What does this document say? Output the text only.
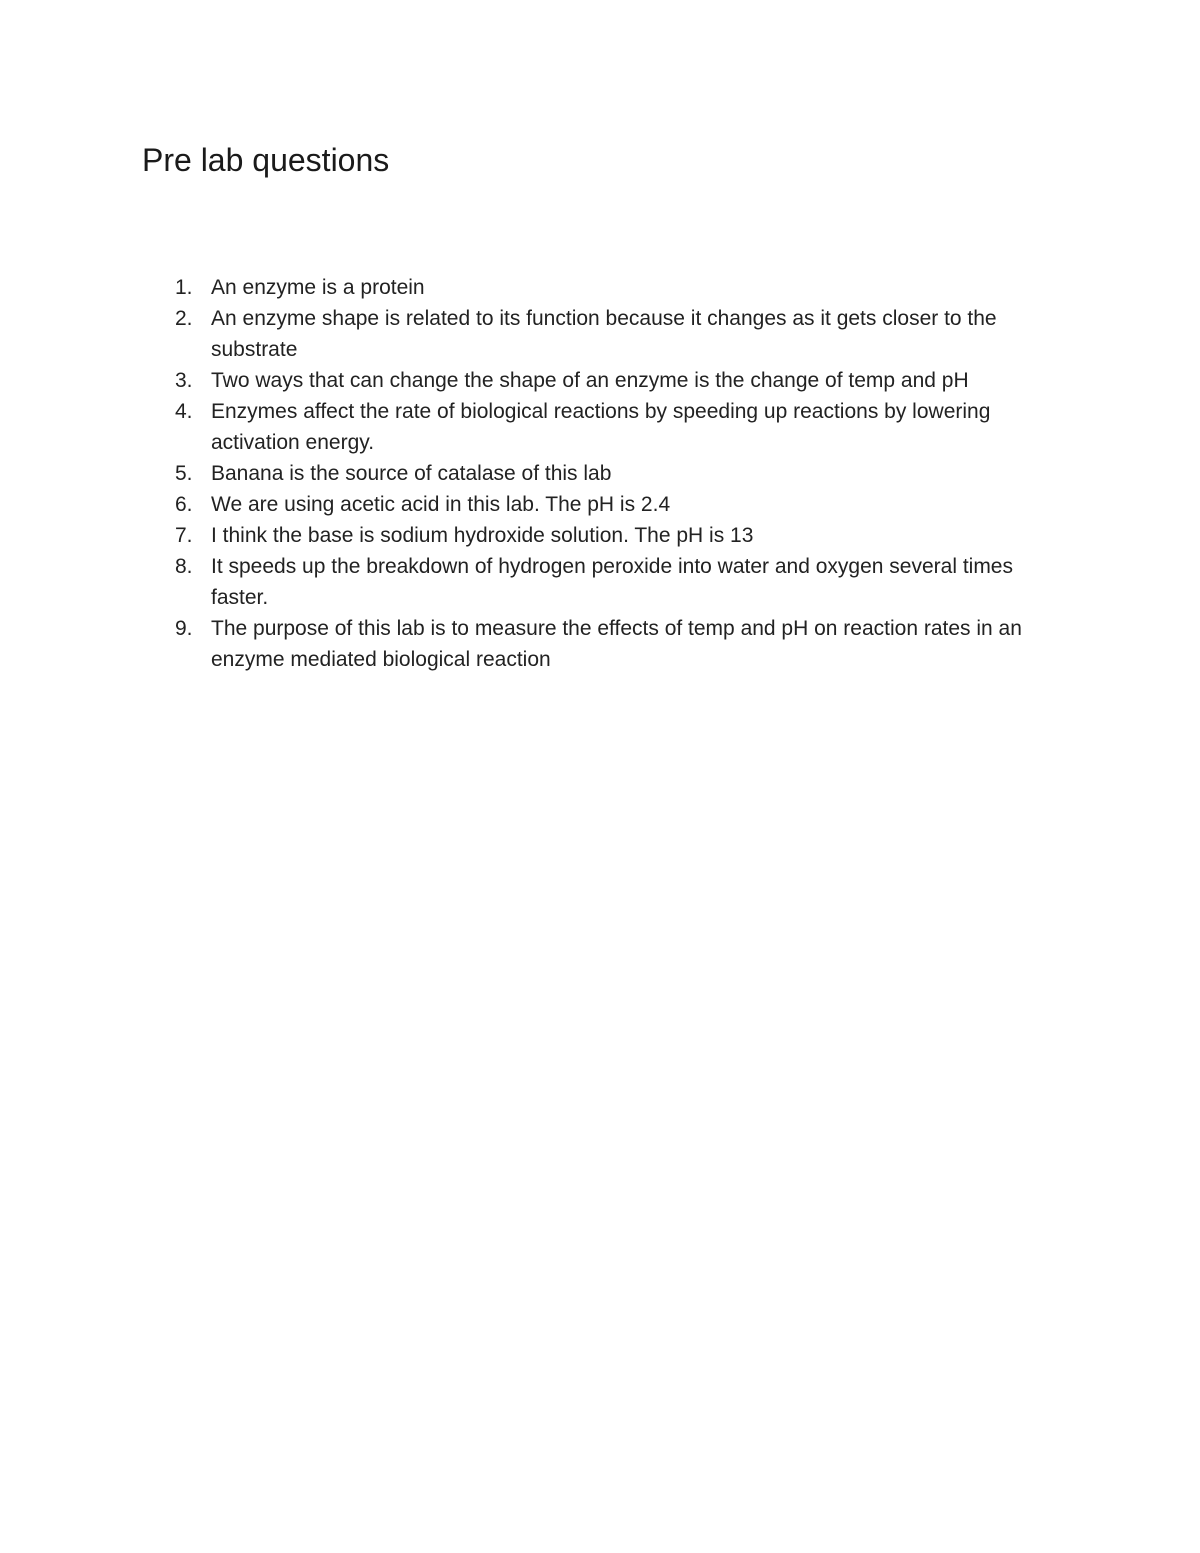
Pre lab questions
1. An enzyme is a protein
2. An enzyme shape is related to its function because it changes as it gets closer to the substrate
3. Two ways that can change the shape of an enzyme is the change of temp and pH
4. Enzymes affect the rate of biological reactions by speeding up reactions by lowering activation energy.
5. Banana is the source of catalase of this lab
6. We are using acetic acid in this lab. The pH is 2.4
7. I think the base is sodium hydroxide solution. The pH is 13
8. It speeds up the breakdown of hydrogen peroxide into water and oxygen several times faster.
9. The purpose of this lab is to measure the effects of temp and pH on reaction rates in an enzyme mediated biological reaction
